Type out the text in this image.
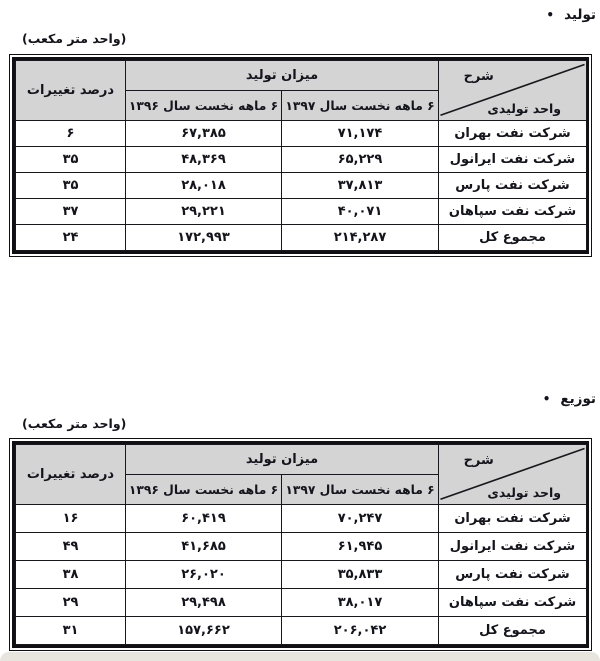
• تولید
(واحد متر مکعب)
شرح
واحد تولیدی	میزان تولید		درصد تغییرات
	۶ ماهه نخست سال ۱۳۹۷	۶ ماهه نخست سال ۱۳۹۶	
شرکت نفت بهران	۷۱,۱۷۴	۶۷,۳۸۵	۶
شرکت نفت ایرانول	۶۵,۲۲۹	۴۸,۳۶۹	۳۵
شرکت نفت پارس	۳۷,۸۱۳	۲۸,۰۱۸	۳۵
شرکت نفت سپاهان	۴۰,۰۷۱	۲۹,۲۲۱	۳۷
مجموع کل	۲۱۴,۲۸۷	۱۷۲,۹۹۳	۲۴
• توزیع
(واحد متر مکعب)
شرح
واحد تولیدی	میزان تولید		درصد تغییرات
	۶ ماهه نخست سال ۱۳۹۷	۶ ماهه نخست سال ۱۳۹۶	
شرکت نفت بهران	۷۰,۲۴۷	۶۰,۴۱۹	۱۶
شرکت نفت ایرانول	۶۱,۹۴۵	۴۱,۶۸۵	۴۹
شرکت نفت پارس	۳۵,۸۳۳	۲۶,۰۲۰	۳۸
شرکت نفت سپاهان	۳۸,۰۱۷	۲۹,۴۹۸	۲۹
مجموع کل	۲۰۶,۰۴۲	۱۵۷,۶۶۲	۳۱
